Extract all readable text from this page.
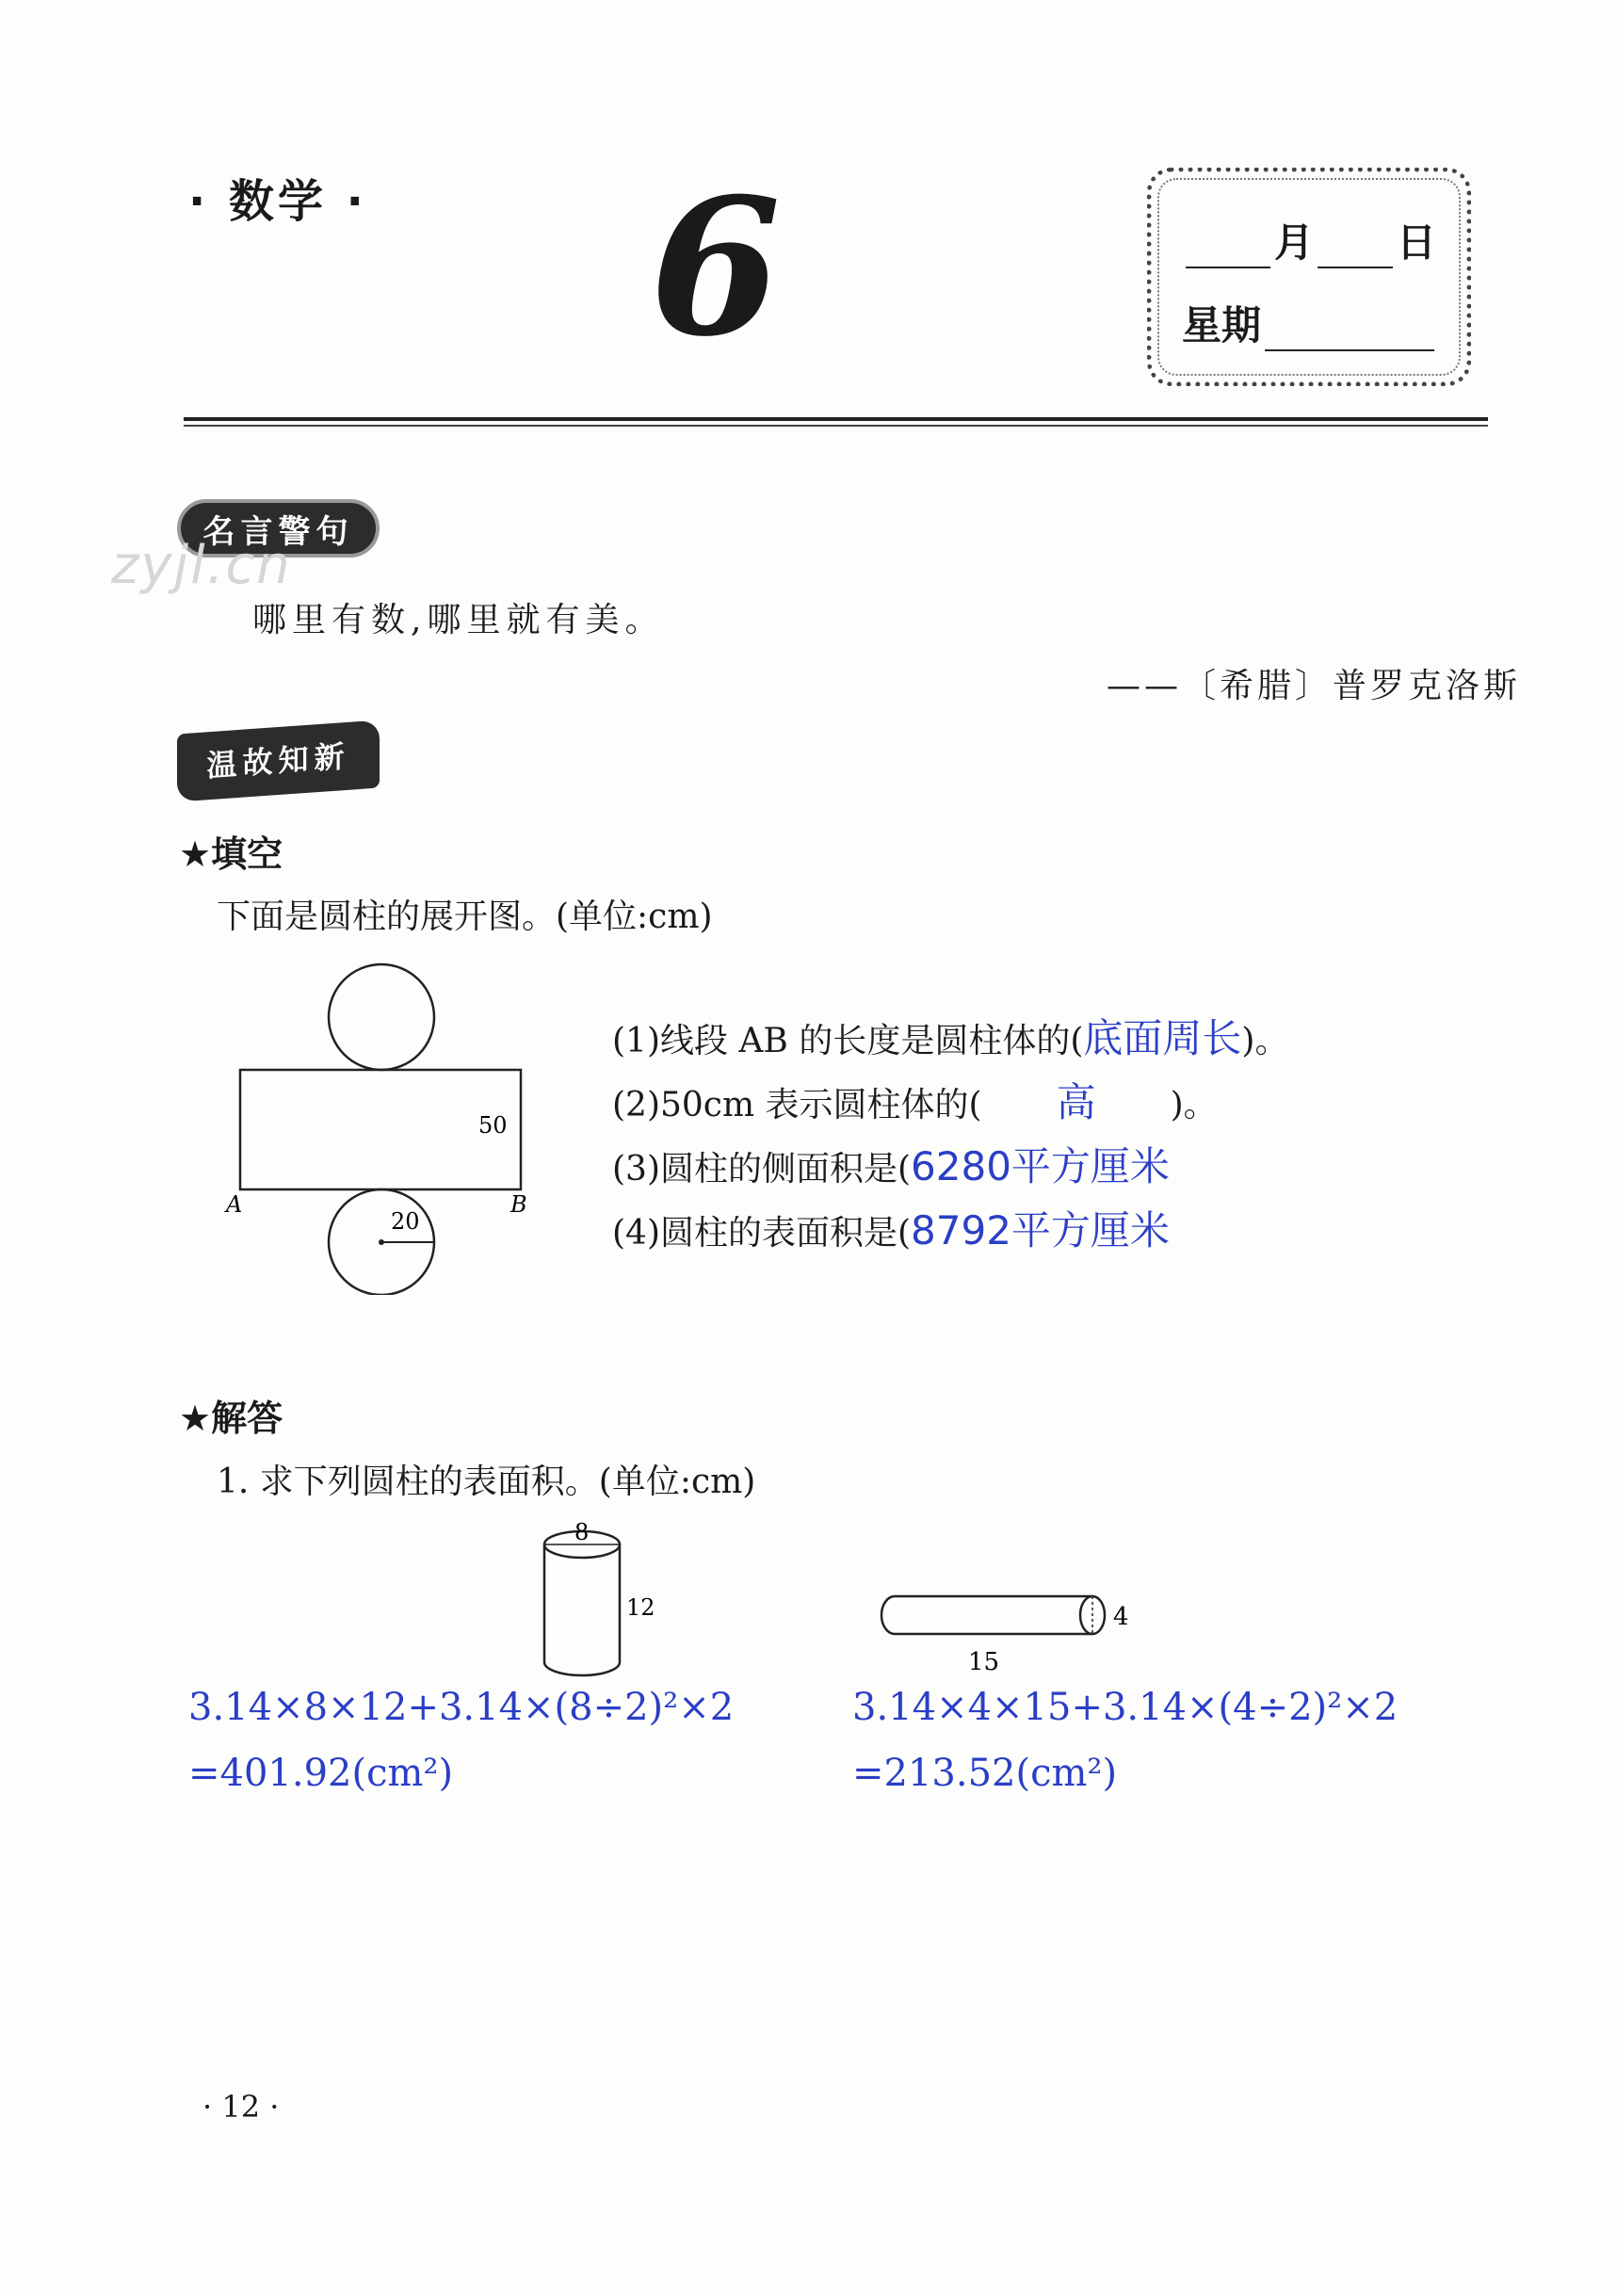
· 数学 · 6	月 日
星期
名言警句
zyjl.cn
哪里有数,哪里就有美。
——〔希腊〕普罗克洛斯
温故知新
★填空
下面是圆柱的展开图。(单位:cm)
50
20
A	B
(1)线段 AB 的长度是圆柱体的(底面周长)。
(2)50cm 表示圆柱体的( 高 )。
(3)圆柱的侧面积是(6280平方厘米
(4)圆柱的表面积是(8792平方厘米
★解答
1. 求下列圆柱的表面积。(单位:cm)
8
12	4
15
3.14×8×12+3.14×(8÷2)²×2
=401.92(cm²)
3.14×4×15+3.14×(4÷2)²×2
=213.52(cm²)
· 12 ·
